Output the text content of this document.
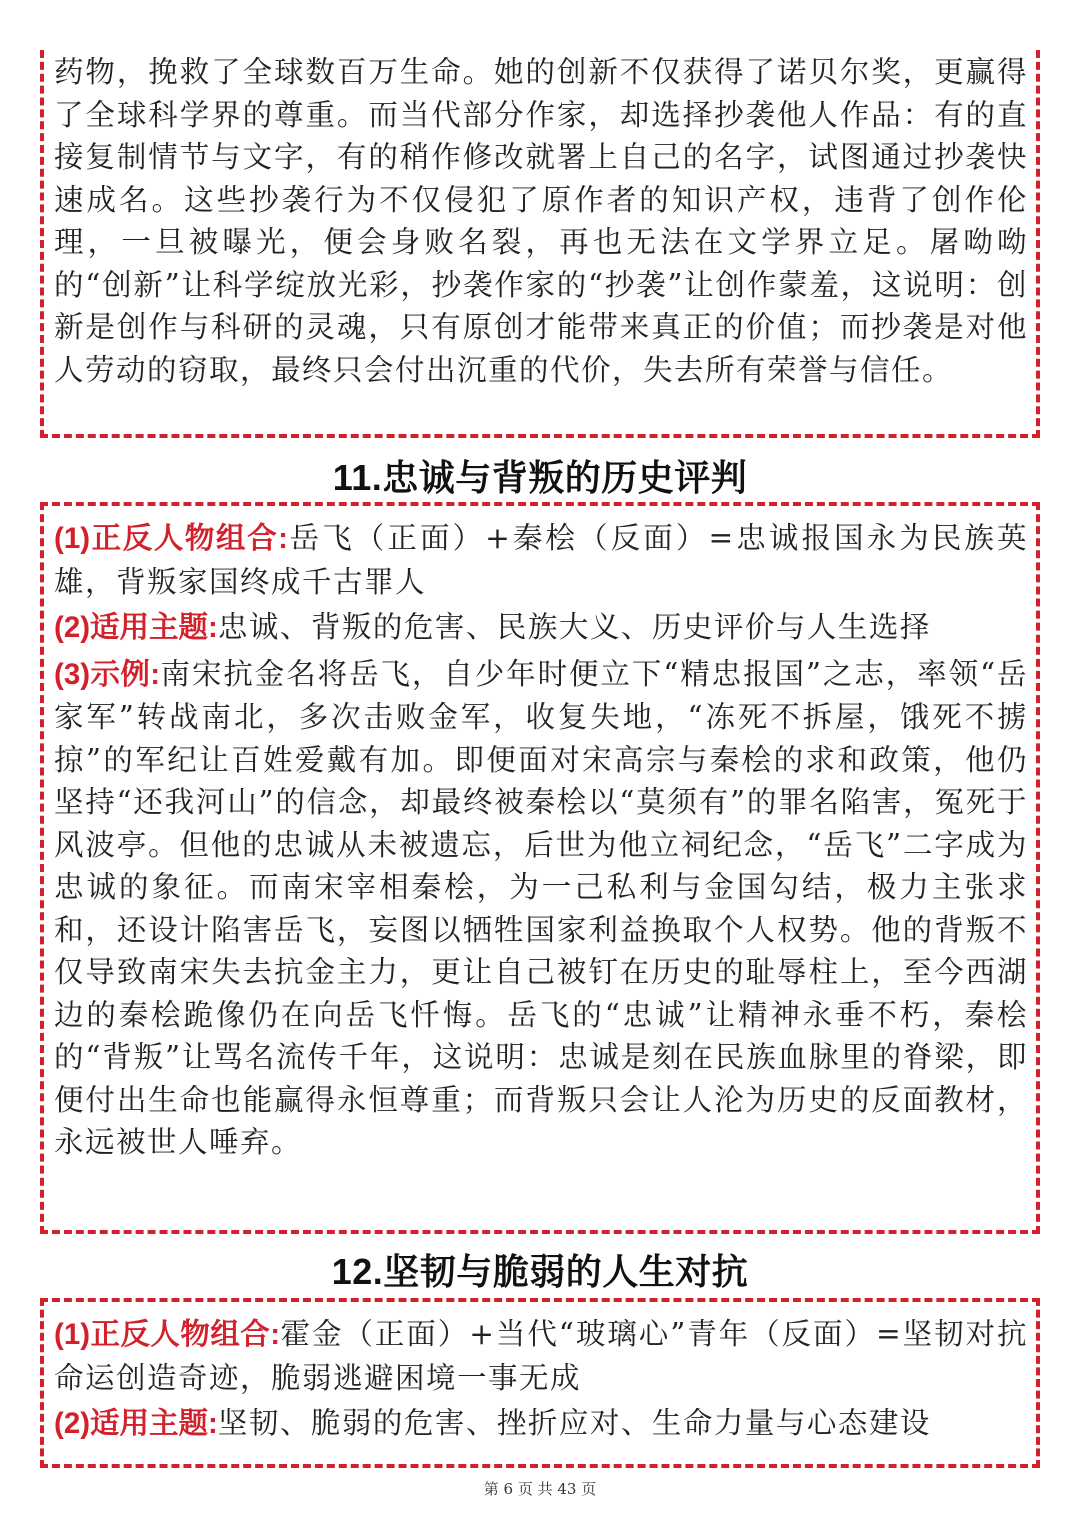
药物，挽救了全球数百万生命。她的创新不仅获得了诺贝尔奖，更赢得了全球科学界的尊重。而当代部分作家，却选择抄袭他人作品：有的直接复制情节与文字，有的稍作修改就署上自己的名字，试图通过抄袭快速成名。这些抄袭行为不仅侵犯了原作者的知识产权，违背了创作伦理，一旦被曝光，便会身败名裂，再也无法在文学界立足。屠呦呦的“创新”让科学绽放光彩，抄袭作家的“抄袭”让创作蒙羞，这说明：创新是创作与科研的灵魂，只有原创才能带来真正的价值；而抄袭是对他人劳动的窃取，最终只会付出沉重的代价，失去所有荣誉与信任。

11.忠诚与背叛的历史评判

(1)正反人物组合:岳飞（正面）+秦桧（反面）=忠诚报国永为民族英雄，背叛家国终成千古罪人

(2)适用主题:忠诚、背叛的危害、民族大义、历史评价与人生选择

(3)示例:南宋抗金名将岳飞，自少年时便立下“精忠报国”之志，率领“岳家军”转战南北，多次击败金军，收复失地，“冻死不拆屋，饿死不掳掠”的军纪让百姓爱戴有加。即便面对宋高宗与秦桧的求和政策，他仍坚持“还我河山”的信念，却最终被秦桧以“莫须有”的罪名陷害，冤死于风波亭。但他的忠诚从未被遗忘，后世为他立祠纪念，“岳飞”二字成为忠诚的象征。而南宋宰相秦桧，为一己私利与金国勾结，极力主张求和，还设计陷害岳飞，妄图以牺牲国家利益换取个人权势。他的背叛不仅导致南宋失去抗金主力，更让自己被钉在历史的耻辱柱上，至今西湖边的秦桧跪像仍在向岳飞忏悔。岳飞的“忠诚”让精神永垂不朽，秦桧的“背叛”让骂名流传千年，这说明：忠诚是刻在民族血脉里的脊梁，即便付出生命也能赢得永恒尊重；而背叛只会让人沦为历史的反面教材，永远被世人唾弃。

12.坚韧与脆弱的人生对抗

(1)正反人物组合:霍金（正面）+当代“玻璃心”青年（反面）=坚韧对抗命运创造奇迹，脆弱逃避困境一事无成

(2)适用主题:坚韧、脆弱的危害、挫折应对、生命力量与心态建设

第 6 页 共 43 页
